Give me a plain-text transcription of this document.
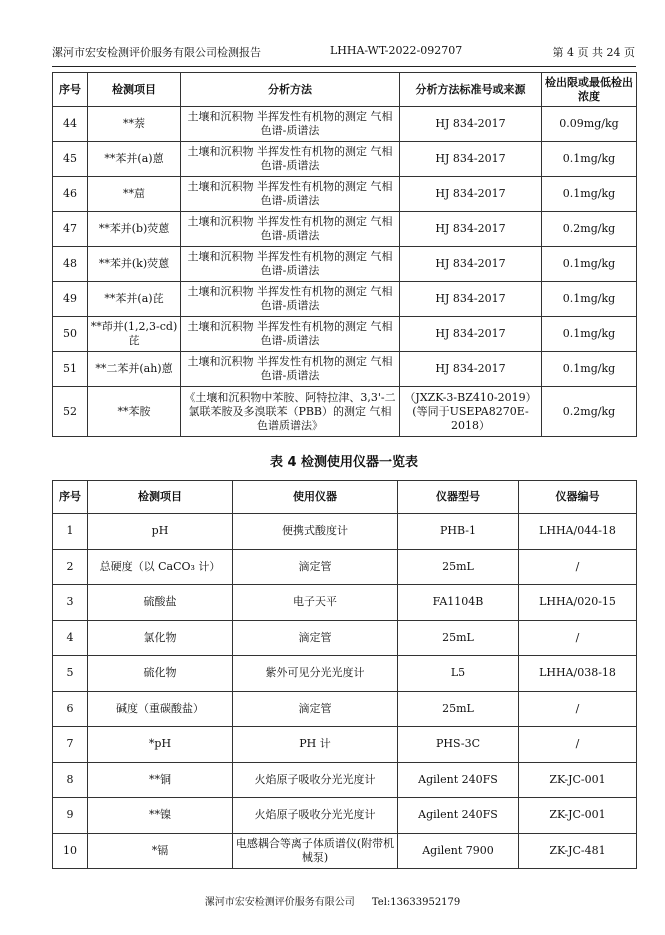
漯河市宏安检测评价服务有限公司检测报告	LHHA-WT-2022-092707	第 4 页 共 24 页
序号	检测项目	分析方法	分析方法标准号或来源	检出限或最低检出浓度
44	**萘	土壤和沉积物 半挥发性有机物的测定 气相色谱-质谱法	HJ 834-2017	0.09mg/kg
45	**苯并(a)蒽	土壤和沉积物 半挥发性有机物的测定 气相色谱-质谱法	HJ 834-2017	0.1mg/kg
46	**䓛	土壤和沉积物 半挥发性有机物的测定 气相色谱-质谱法	HJ 834-2017	0.1mg/kg
47	**苯并(b)荧蒽	土壤和沉积物 半挥发性有机物的测定 气相色谱-质谱法	HJ 834-2017	0.2mg/kg
48	**苯并(k)荧蒽	土壤和沉积物 半挥发性有机物的测定 气相色谱-质谱法	HJ 834-2017	0.1mg/kg
49	**苯并(a)芘	土壤和沉积物 半挥发性有机物的测定 气相色谱-质谱法	HJ 834-2017	0.1mg/kg
50	**茚并(1,2,3-cd)芘	土壤和沉积物 半挥发性有机物的测定 气相色谱-质谱法	HJ 834-2017	0.1mg/kg
51	**二苯并(ah)蒽	土壤和沉积物 半挥发性有机物的测定 气相色谱-质谱法	HJ 834-2017	0.1mg/kg
52	**苯胺	《土壤和沉积物中苯胺、阿特拉津、3,3'-二氯联苯胺及多溴联苯（PBB）的测定 气相色谱质谱法》	（JXZK-3-BZ410-2019）(等同于USEPA8270E-2018）	0.2mg/kg
表 4 检测使用仪器一览表
序号	检测项目	使用仪器	仪器型号	仪器编号
1	pH	便携式酸度计	PHB-1	LHHA/044-18
2	总硬度（以 CaCO₃ 计）	滴定管	25mL	/
3	硫酸盐	电子天平	FA1104B	LHHA/020-15
4	氯化物	滴定管	25mL	/
5	硫化物	紫外可见分光光度计	L5	LHHA/038-18
6	碱度（重碳酸盐）	滴定管	25mL	/
7	*pH	PH 计	PHS-3C	/
8	**铜	火焰原子吸收分光光度计	Agilent 240FS	ZK-JC-001
9	**镍	火焰原子吸收分光光度计	Agilent 240FS	ZK-JC-001
10	*镉	电感耦合等离子体质谱仪(附带机械泵)	Agilent 7900	ZK-JC-481
漯河市宏安检测评价服务有限公司 Tel:13633952179
